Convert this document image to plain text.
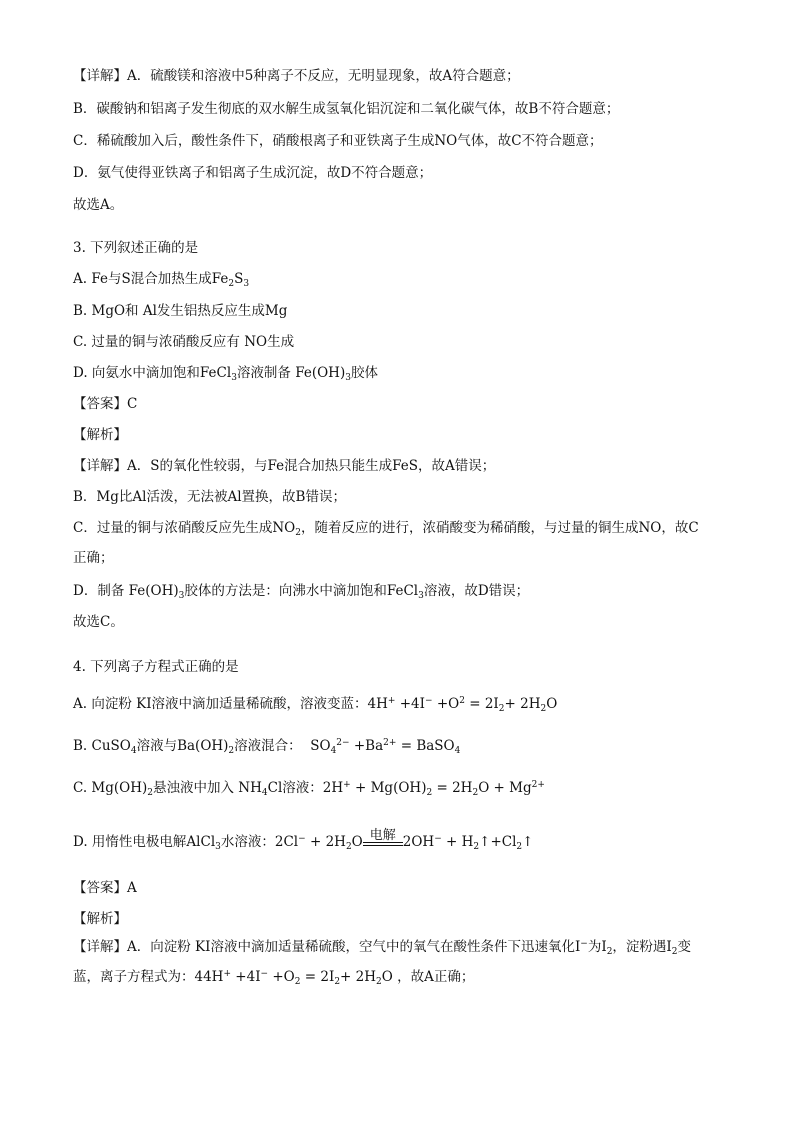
【详解】A．硫酸镁和溶液中5种离子不反应，无明显现象，故A符合题意；
B．碳酸钠和铝离子发生彻底的双水解生成氢氧化铝沉淀和二氧化碳气体，故B不符合题意；
C．稀硫酸加入后，酸性条件下，硝酸根离子和亚铁离子生成NO气体，故C不符合题意；
D．氨气使得亚铁离子和铝离子生成沉淀，故D不符合题意；
故选A。
3. 下列叙述正确的是
A. Fe与S混合加热生成$Fe_2S_3$
B. MgO和 Al发生铝热反应生成Mg
C. 过量的铜与浓硝酸反应有 NO生成
D. 向氨水中滴加饱和FeCl$_3$溶液制备 $Fe(OH)_3$胶体
【答案】C
【解析】
【详解】A．S的氧化性较弱，与Fe混合加热只能生成FeS，故A错误；
B．Mg比Al活泼，无法被Al置换，故B错误；
C．过量的铜与浓硝酸反应先生成$NO_2$，随着反应的进行，浓硝酸变为稀硝酸，与过量的铜生成NO，故C
正确；
D．制备 $Fe(OH)_3$胶体的方法是：向沸水中滴加饱和FeCl$_3$溶液，故D错误；
故选C。
4. 下列离子方程式正确的是
A. 向淀粉 KI溶液中滴加适量稀硫酸，溶液变蓝：$4H^+ +4I^- +O^2 = 2I_2+ 2H_2O$
B. CuSO$_4$溶液与$Ba(OH)_2$溶液混合：  $SO_4^{2-} +Ba^{2+}$ = BaSO$_4$
C. $Mg(OH)_2$悬浊液中加入 $NH_4Cl$溶液：$2H^+ + Mg(OH)_2 = 2H_2O + Mg^{2+}$
D. 用惰性电极电解AlCl$_3$水溶液：$2Cl^- + 2H_2O$ 电解 $2OH^- + H_2↑+Cl_2↑$
【答案】A
【解析】
【详解】A．向淀粉 KI溶液中滴加适量稀硫酸，空气中的氧气在酸性条件下迅速氧化I−为$I_2$，淀粉遇$I_2$变
蓝，离子方程式为：$44H^+ +4I^- +O_2 = 2I_2+ 2H_2O$ ，故A正确；
